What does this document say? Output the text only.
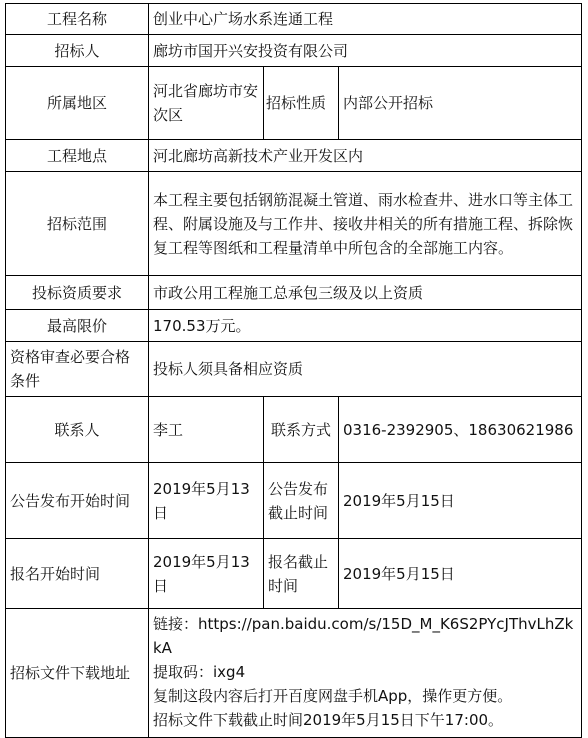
工程名称	创业中心广场水系连通工程		
招标人	廊坊市国开兴安投资有限公司		
所属地区	河北省廊坊市安次区	招标性质	内部公开招标
工程地点	河北廊坊高新技术产业开发区内		
招标范围	本工程主要包括钢筋混凝土管道、雨水检查井、进水口等主体工程、附属设施及与工作井、接收井相关的所有措施工程、拆除恢复工程等图纸和工程量清单中所包含的全部施工内容。		
投标资质要求	市政公用工程施工总承包三级及以上资质		
最高限价	170.53万元。		
资格审查必要合格条件	投标人须具备相应资质		
联系人	李工	联系方式	0316-2392905、18630621986
公告发布开始时间	2019年5月13日	公告发布截止时间	2019年5月15日
报名开始时间	2019年5月13日	报名截止时间	2019年5月15日
招标文件下载地址	链接：https://pan.baidu.com/s/15D_M_K6S2PYcJThvLhZkkA
提取码：ixg4
复制这段内容后打开百度网盘手机App，操作更方便。
招标文件下载截止时间2019年5月15日下午17:00。		
